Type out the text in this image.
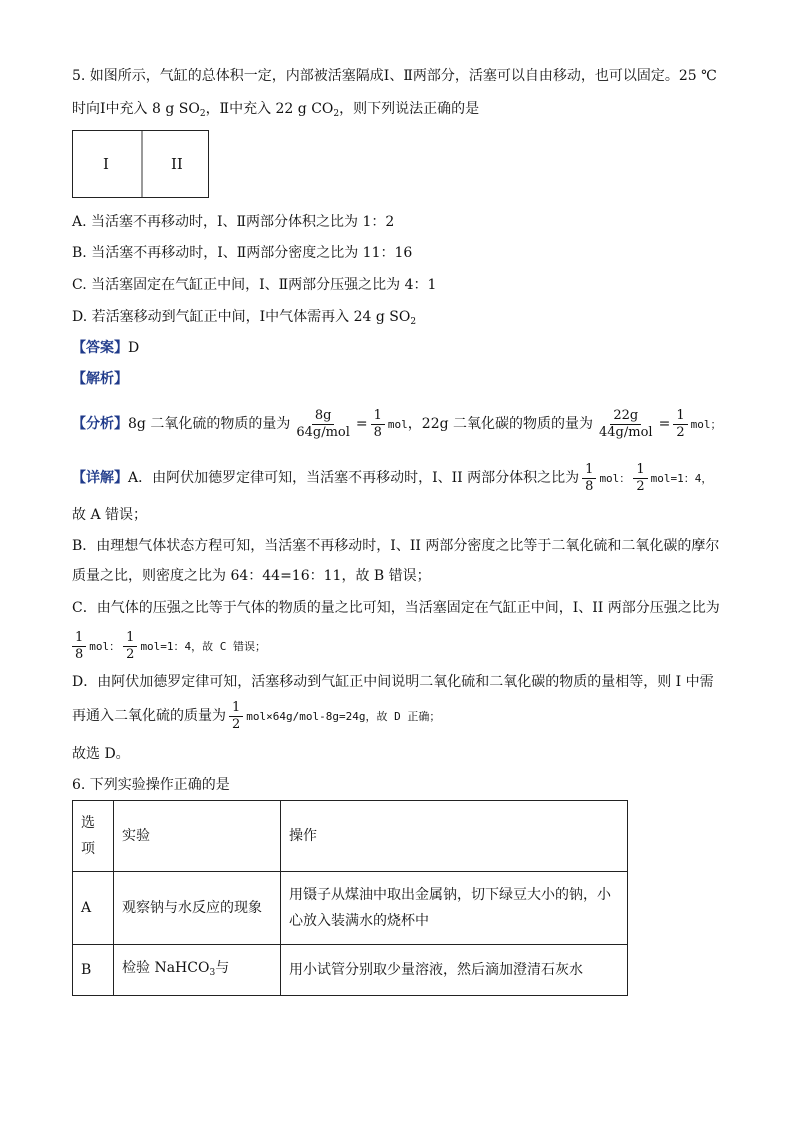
5. 如图所示，气缸的总体积一定，内部被活塞隔成Ⅰ、Ⅱ两部分，活塞可以自由移动，也可以固定。25 ℃
时向Ⅰ中充入 8 g $SO_2$，Ⅱ中充入 22 g $CO_2$，则下列说法正确的是
I	II
A. 当活塞不再移动时，Ⅰ、Ⅱ两部分体积之比为 1：2
B. 当活塞不再移动时，Ⅰ、Ⅱ两部分密度之比为 11：16
C. 当活塞固定在气缸正中间，Ⅰ、Ⅱ两部分压强之比为 4：1
D. 若活塞移动到气缸正中间，Ⅰ中气体需再入 24 g $SO_2$
【答案】D
【解析】
【分析】8g 二氧化硫的物质的量为 $\frac{8g}{\text{64g/mol}} = \frac{1}{8}$ mol，22g 二氧化碳的物质的量为 $\frac{22g}{\text{44g/mol}} = \frac{1}{2}$ mol；
【详解】A．由阿伏加德罗定律可知，当活塞不再移动时，I、II 两部分体积之比为 $\frac{1}{8}$ mol： $\frac{1}{2} mol=1$：4，
故 A 错误；
B．由理想气体状态方程可知，当活塞不再移动时，I、II 两部分密度之比等于二氧化硫和二氧化碳的摩尔
质量之比，则密度之比为 64：44=16：11，故 B 错误；
C．由气体的压强之比等于气体的物质的量之比可知，当活塞固定在气缸正中间，I、II 两部分压强之比为
$\frac{1}{8}$ mol： $\frac{1}{2} mol=1$：4，故 C 错误；
D．由阿伏加德罗定律可知，活塞移动到气缸正中间说明二氧化硫和二氧化碳的物质的量相等，则 I 中需
再通入二氧化硫的质量为 $\frac{1}{2} mol\times 64g/mol-8g=24g$，故 D 正确；
故选 D。
6. 下列实验操作正确的是
选项	实验	操作
A	观察钠与水反应的现象	用镊子从煤油中取出金属钠，切下绿豆大小的钠，小心放入装满水的烧杯中
B	检验 NaHCO$_3$与	用小试管分别取少量溶液，然后滴加澄清石灰水
